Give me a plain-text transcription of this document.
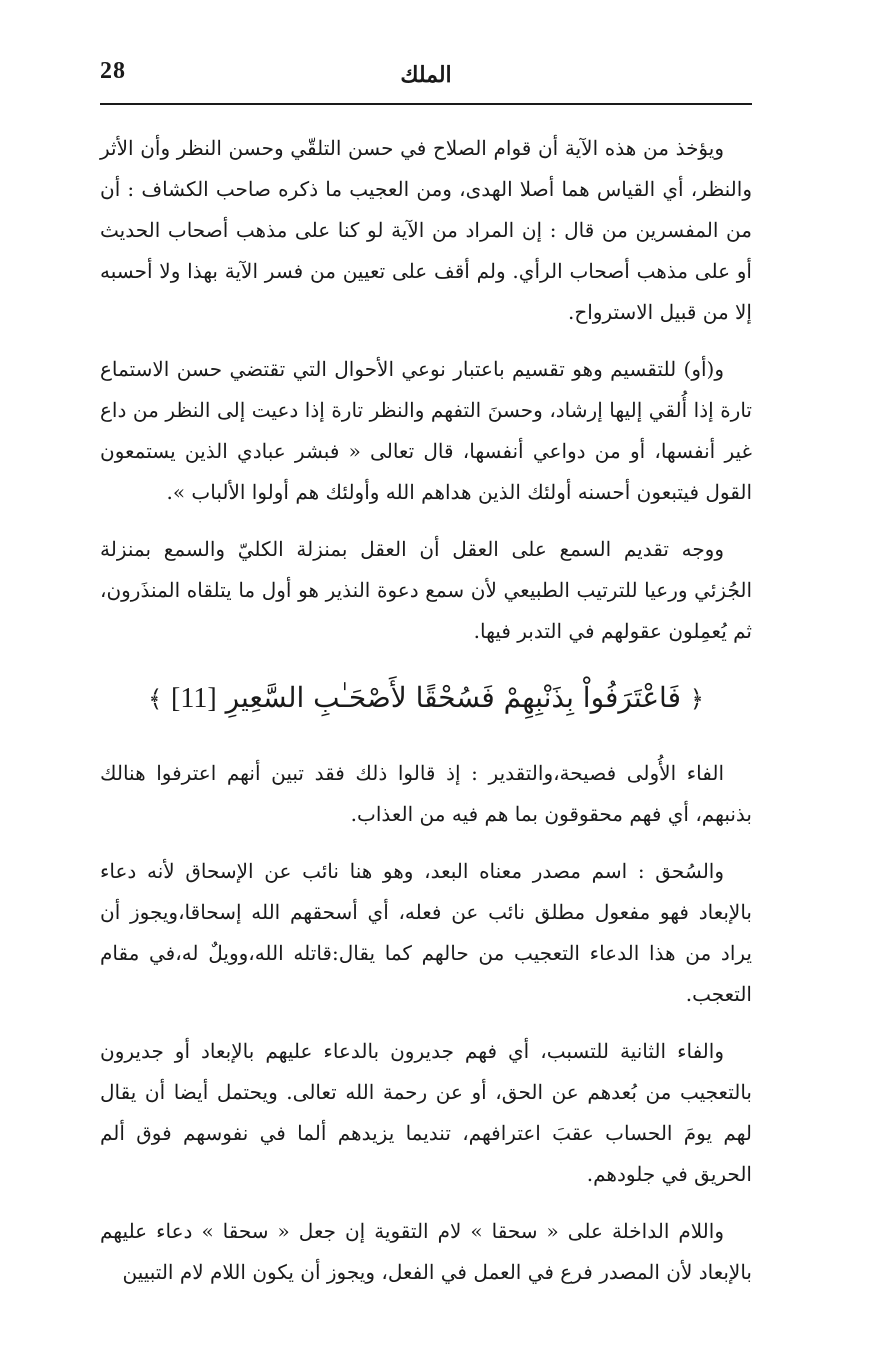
28	الملك

ويؤخذ من هذه الآية أن قوام الصلاح في حسن التلقّي وحسن النظر وأن الأثر والنظر، أي القياس هما أصلا الهدى، ومن العجيب ما ذكره صاحب الكشاف : أن من المفسرين من قال : إن المراد من الآية لو كنا على مذهب أصحاب الحديث أو على مذهب أصحاب الرأي. ولم أقف على تعيين من فسر الآية بهذا ولا أحسبه إلا من قبيل الاسترواح.

و(أو) للتقسيم وهو تقسيم باعتبار نوعي الأحوال التي تقتضي حسن الاستماع تارة إذا أُلقي إليها إرشاد، وحسنَ التفهم والنظر تارة إذا دعيت إلى النظر من داع غير أنفسها، أو من دواعي أنفسها، قال تعالى « فبشر عبادي الذين يستمعون القول فيتبعون أحسنه أولئك الذين هداهم الله وأولئك هم أولوا الألباب ».

ووجه تقديم السمع على العقل أن العقل بمنزلة الكليّ والسمع بمنزلة الجُزئي ورعيا للترتيب الطبيعي لأن سمع دعوة النذير هو أول ما يتلقاه المنذَرون، ثم يُعمِلون عقولهم في التدبر فيها.

﴿ فَاعْتَرَفُواْ بِذَنْبِهِمْ فَسُحْقًا لأَصْحَـٰبِ السَّعِيرِ [11] ﴾

الفاء الأُولى فصيحة،والتقدير : إذ قالوا ذلك فقد تبين أنهم اعترفوا هنالك بذنبهم، أي فهم محقوقون بما هم فيه من العذاب.

والسُحق : اسم مصدر معناه البعد، وهو هنا نائب عن الإسحاق لأنه دعاء بالإبعاد فهو مفعول مطلق نائب عن فعله، أي أسحقهم الله إسحاقا،ويجوز أن يراد من هذا الدعاء التعجيب من حالهم كما يقال:قاتله الله،وويلٌ له،في مقام التعجب.

والفاء الثانية للتسبب، أي فهم جديرون بالدعاء عليهم بالإبعاد أو جديرون بالتعجيب من بُعدهم عن الحق، أو عن رحمة الله تعالى. ويحتمل أيضا أن يقال لهم يومَ الحساب عقبَ اعترافهم، تنديما يزيدهم ألما في نفوسهم فوق ألم الحريق في جلودهم.

واللام الداخلة على « سحقا » لام التقوية إن جعل « سحقا » دعاء عليهم بالإبعاد لأن المصدر فرع في العمل في الفعل، ويجوز أن يكون اللام لام التبيين
